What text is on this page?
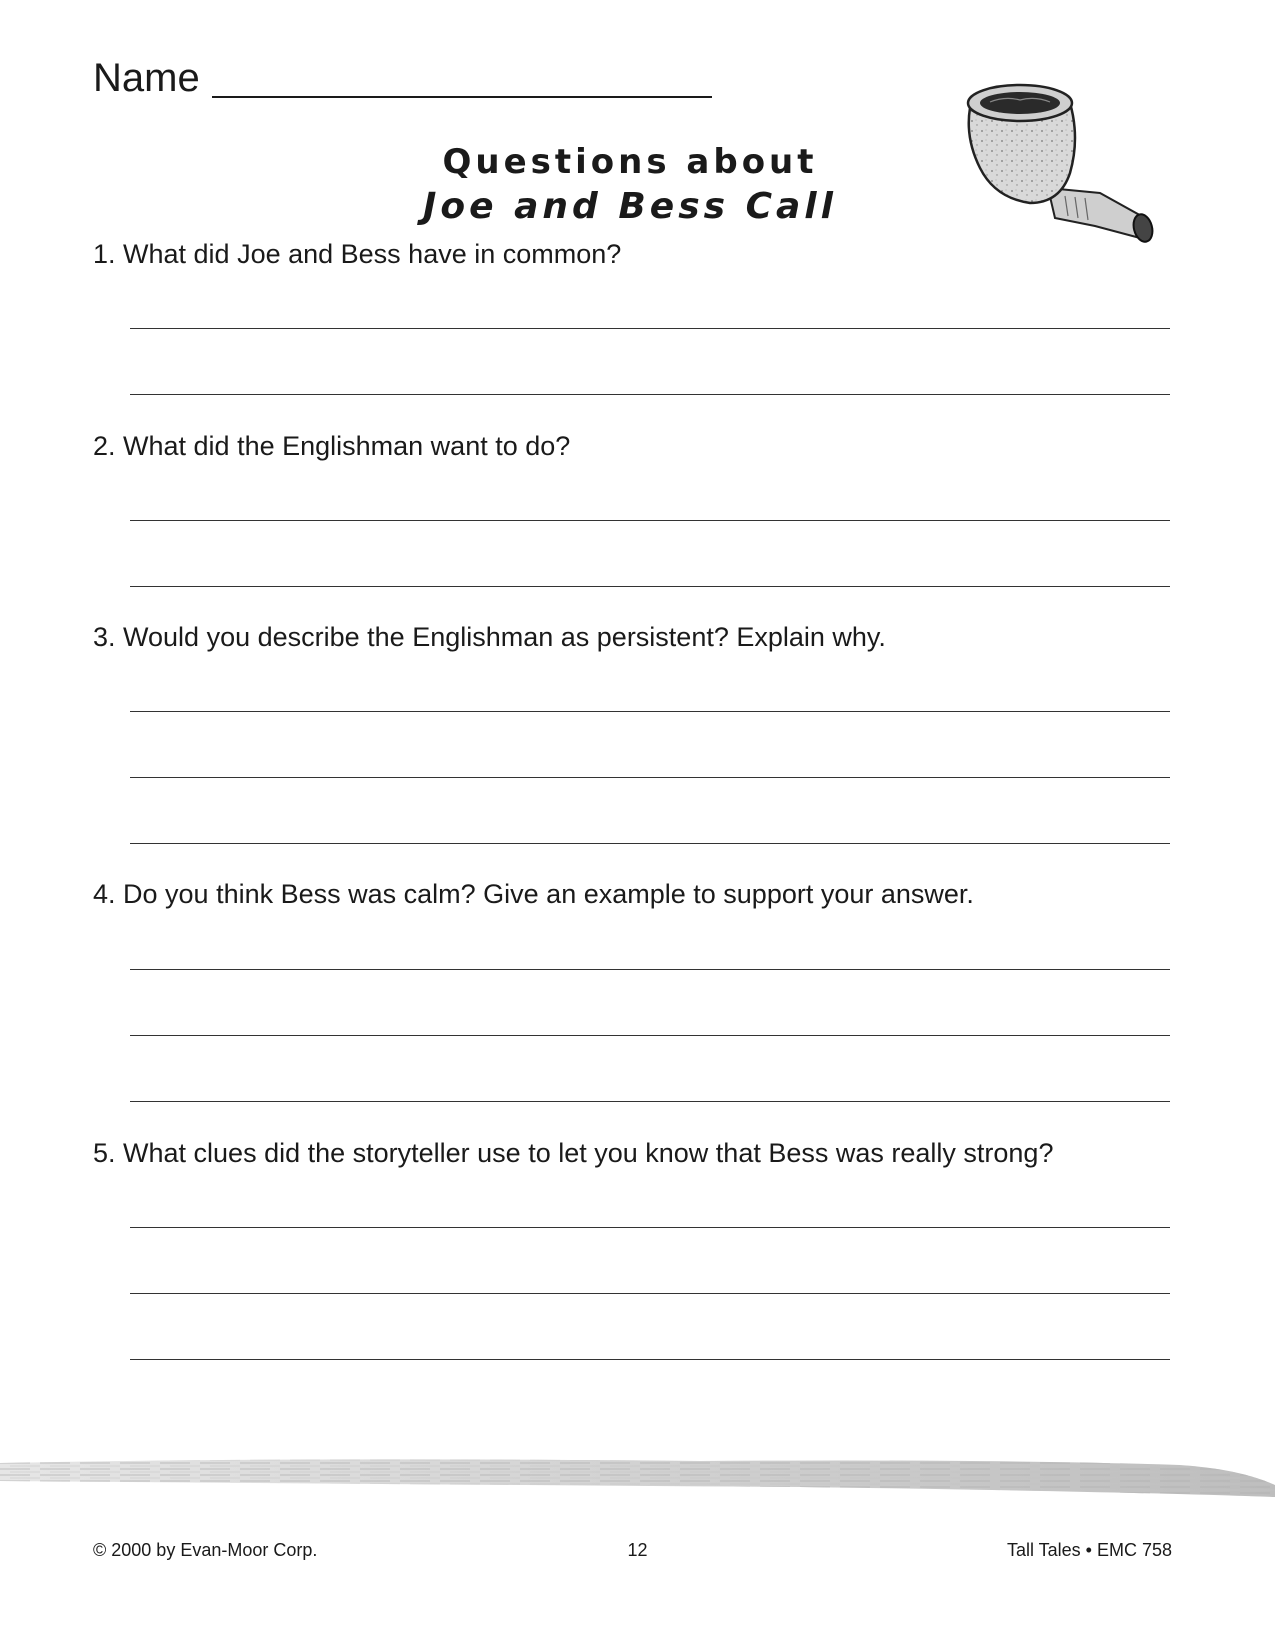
Name
Questions about
Joe and Bess Call
1. What did Joe and Bess have in common?
2. What did the Englishman want to do?
3. Would you describe the Englishman as persistent? Explain why.
4. Do you think Bess was calm? Give an example to support your answer.
5. What clues did the storyteller use to let you know that Bess was really strong?
© 2000 by Evan-Moor Corp.	12	Tall Tales • EMC 758
